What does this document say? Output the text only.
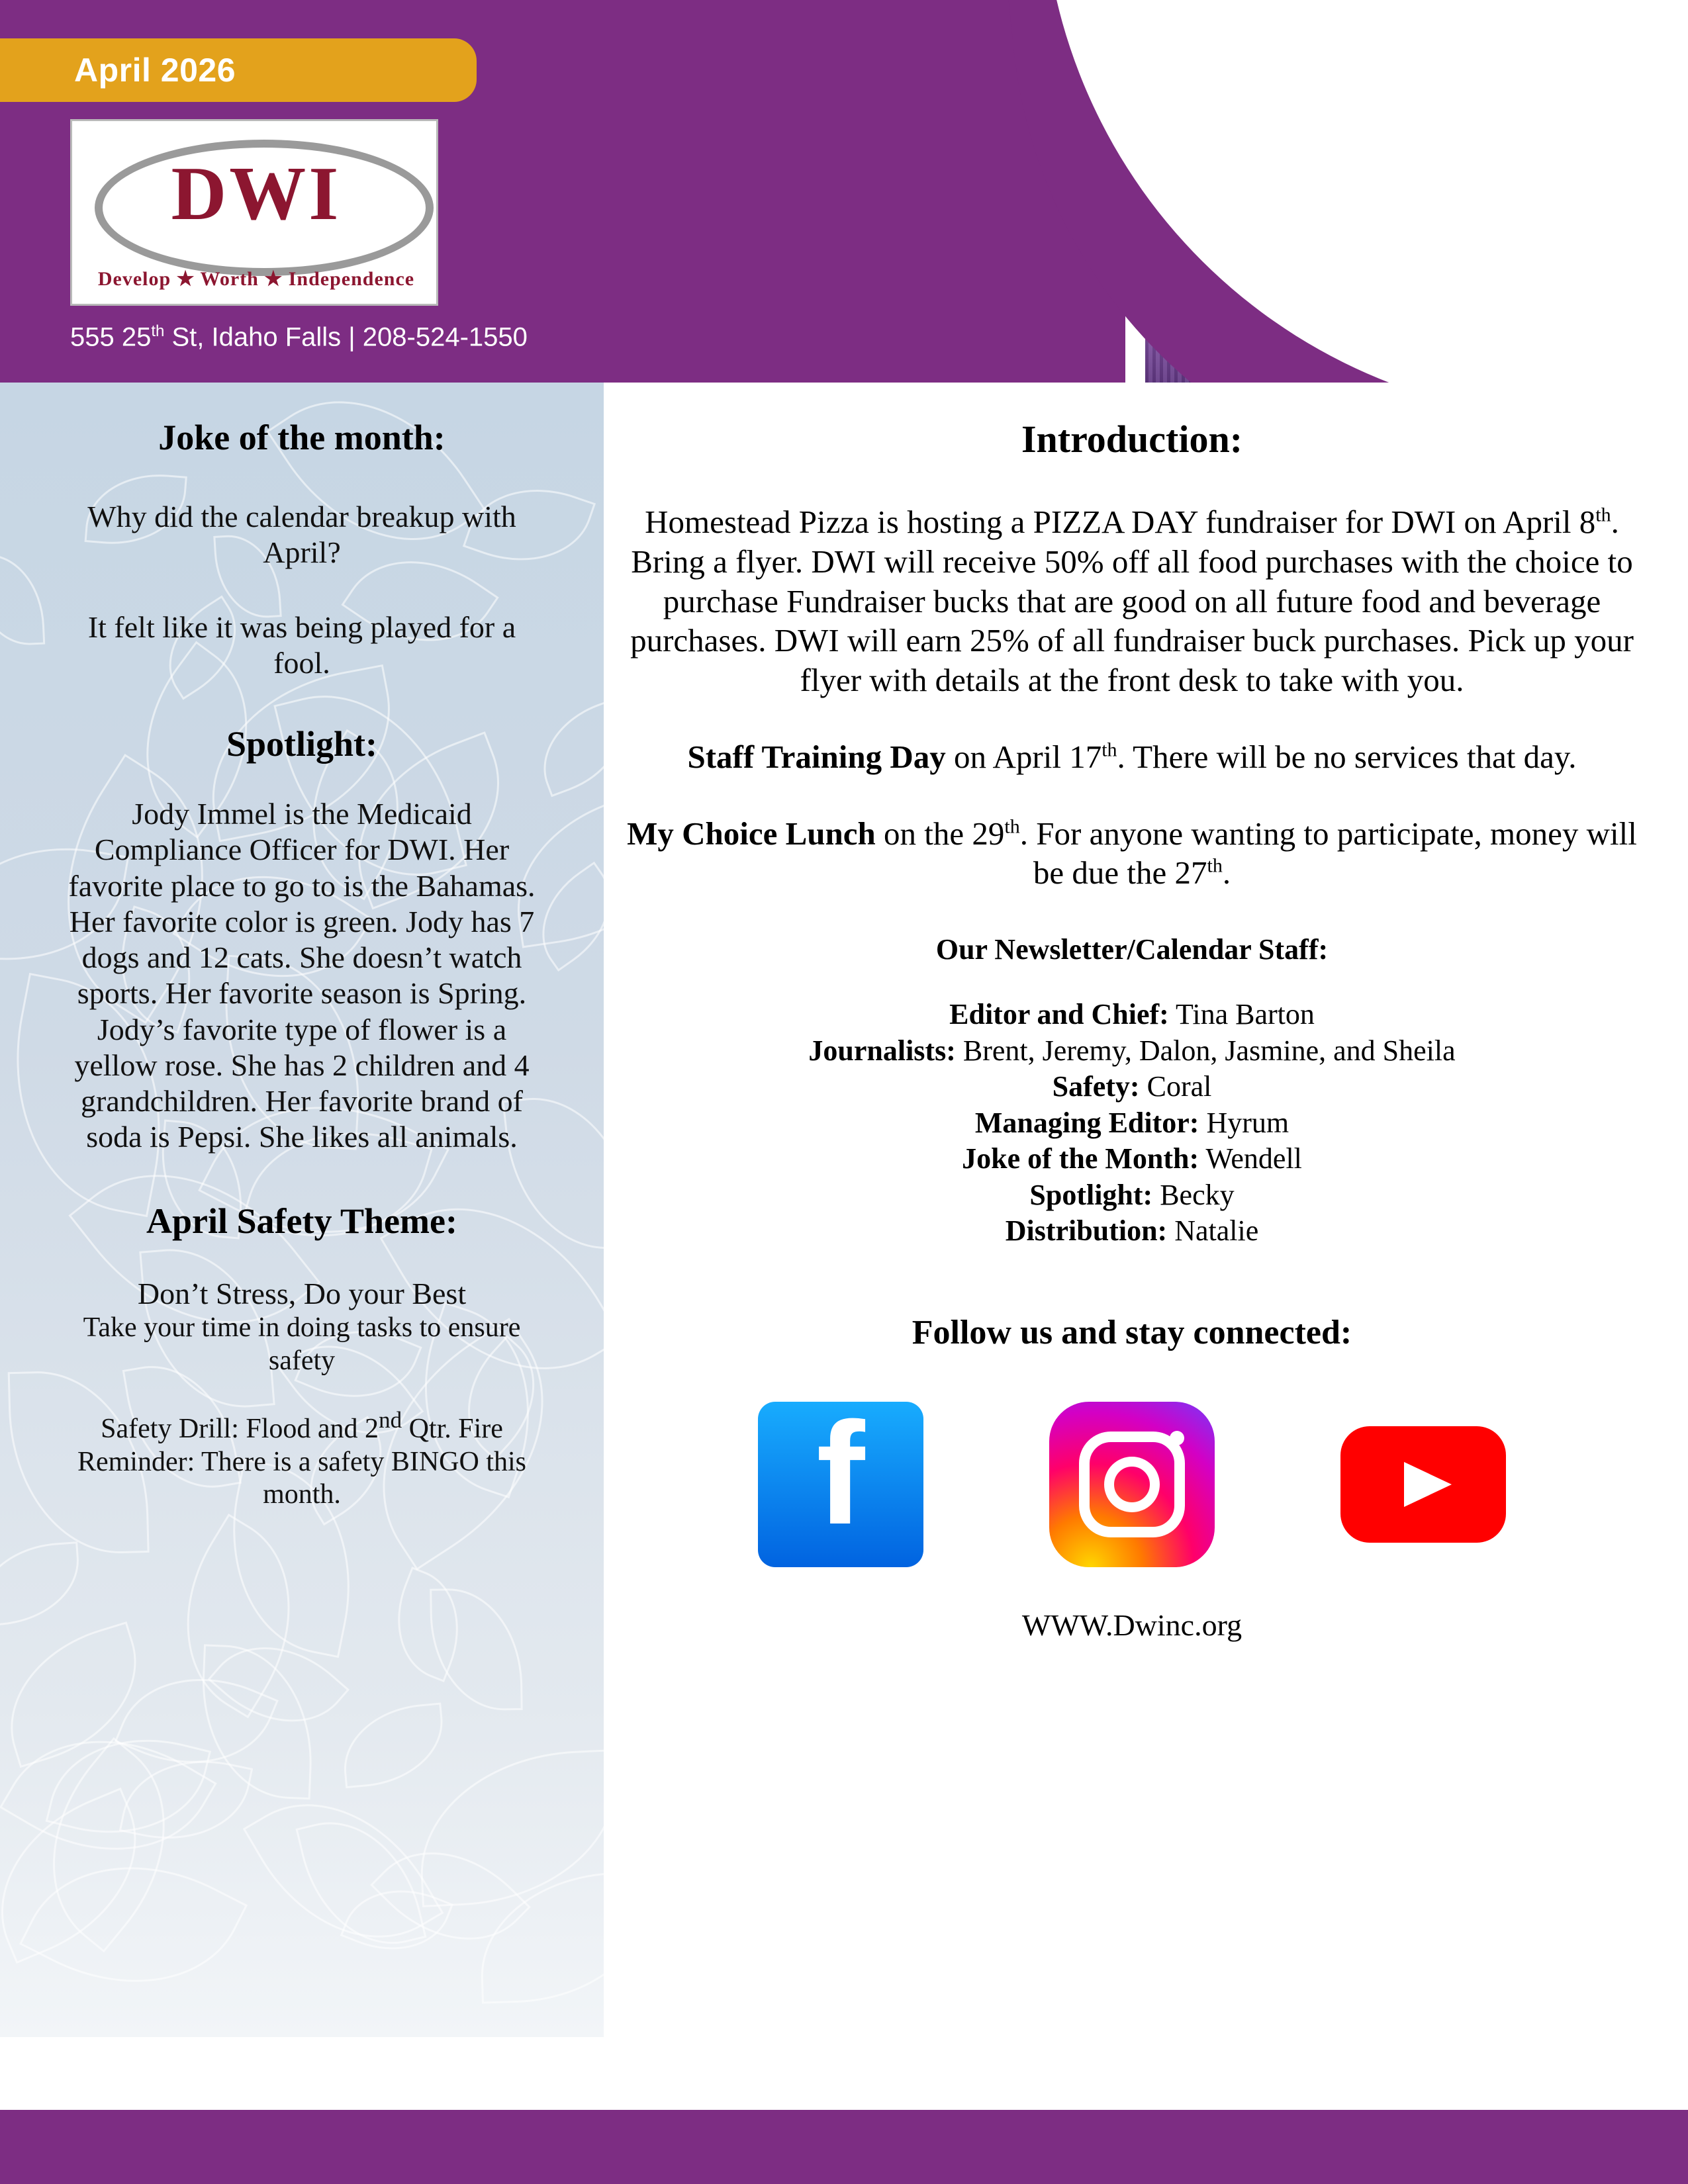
April 2026
DWI
Develop ★ Worth ★ Independence
555 25th St, Idaho Falls | 208-524-1550
Joke of the month:
Why did the calendar breakup with April?
It felt like it was being played for a fool.
Spotlight:
Jody Immel is the Medicaid Compliance Officer for DWI. Her favorite place to go to is the Bahamas. Her favorite color is green. Jody has 7 dogs and 12 cats. She doesn’t watch sports. Her favorite season is Spring. Jody’s favorite type of flower is a yellow rose. She has 2 children and 4 grandchildren. Her favorite brand of soda is Pepsi. She likes all animals.
April Safety Theme:
Don’t Stress, Do your Best
Take your time in doing tasks to ensure safety
Safety Drill: Flood and 2nd Qtr. Fire
Reminder: There is a safety BINGO this month.
Introduction:
Homestead Pizza is hosting a PIZZA DAY fundraiser for DWI on April 8th. Bring a flyer. DWI will receive 50% off all food purchases with the choice to purchase Fundraiser bucks that are good on all future food and beverage purchases. DWI will earn 25% of all fundraiser buck purchases. Pick up your flyer with details at the front desk to take with you.
Staff Training Day on April 17th. There will be no services that day.
My Choice Lunch on the 29th. For anyone wanting to participate, money will be due the 27th.
Our Newsletter/Calendar Staff:
Editor and Chief: Tina Barton
Journalists: Brent, Jeremy, Dalon, Jasmine, and Sheila
Safety: Coral
Managing Editor: Hyrum
Joke of the Month: Wendell
Spotlight: Becky
Distribution: Natalie
Follow us and stay connected:
f
WWW.Dwinc.org
